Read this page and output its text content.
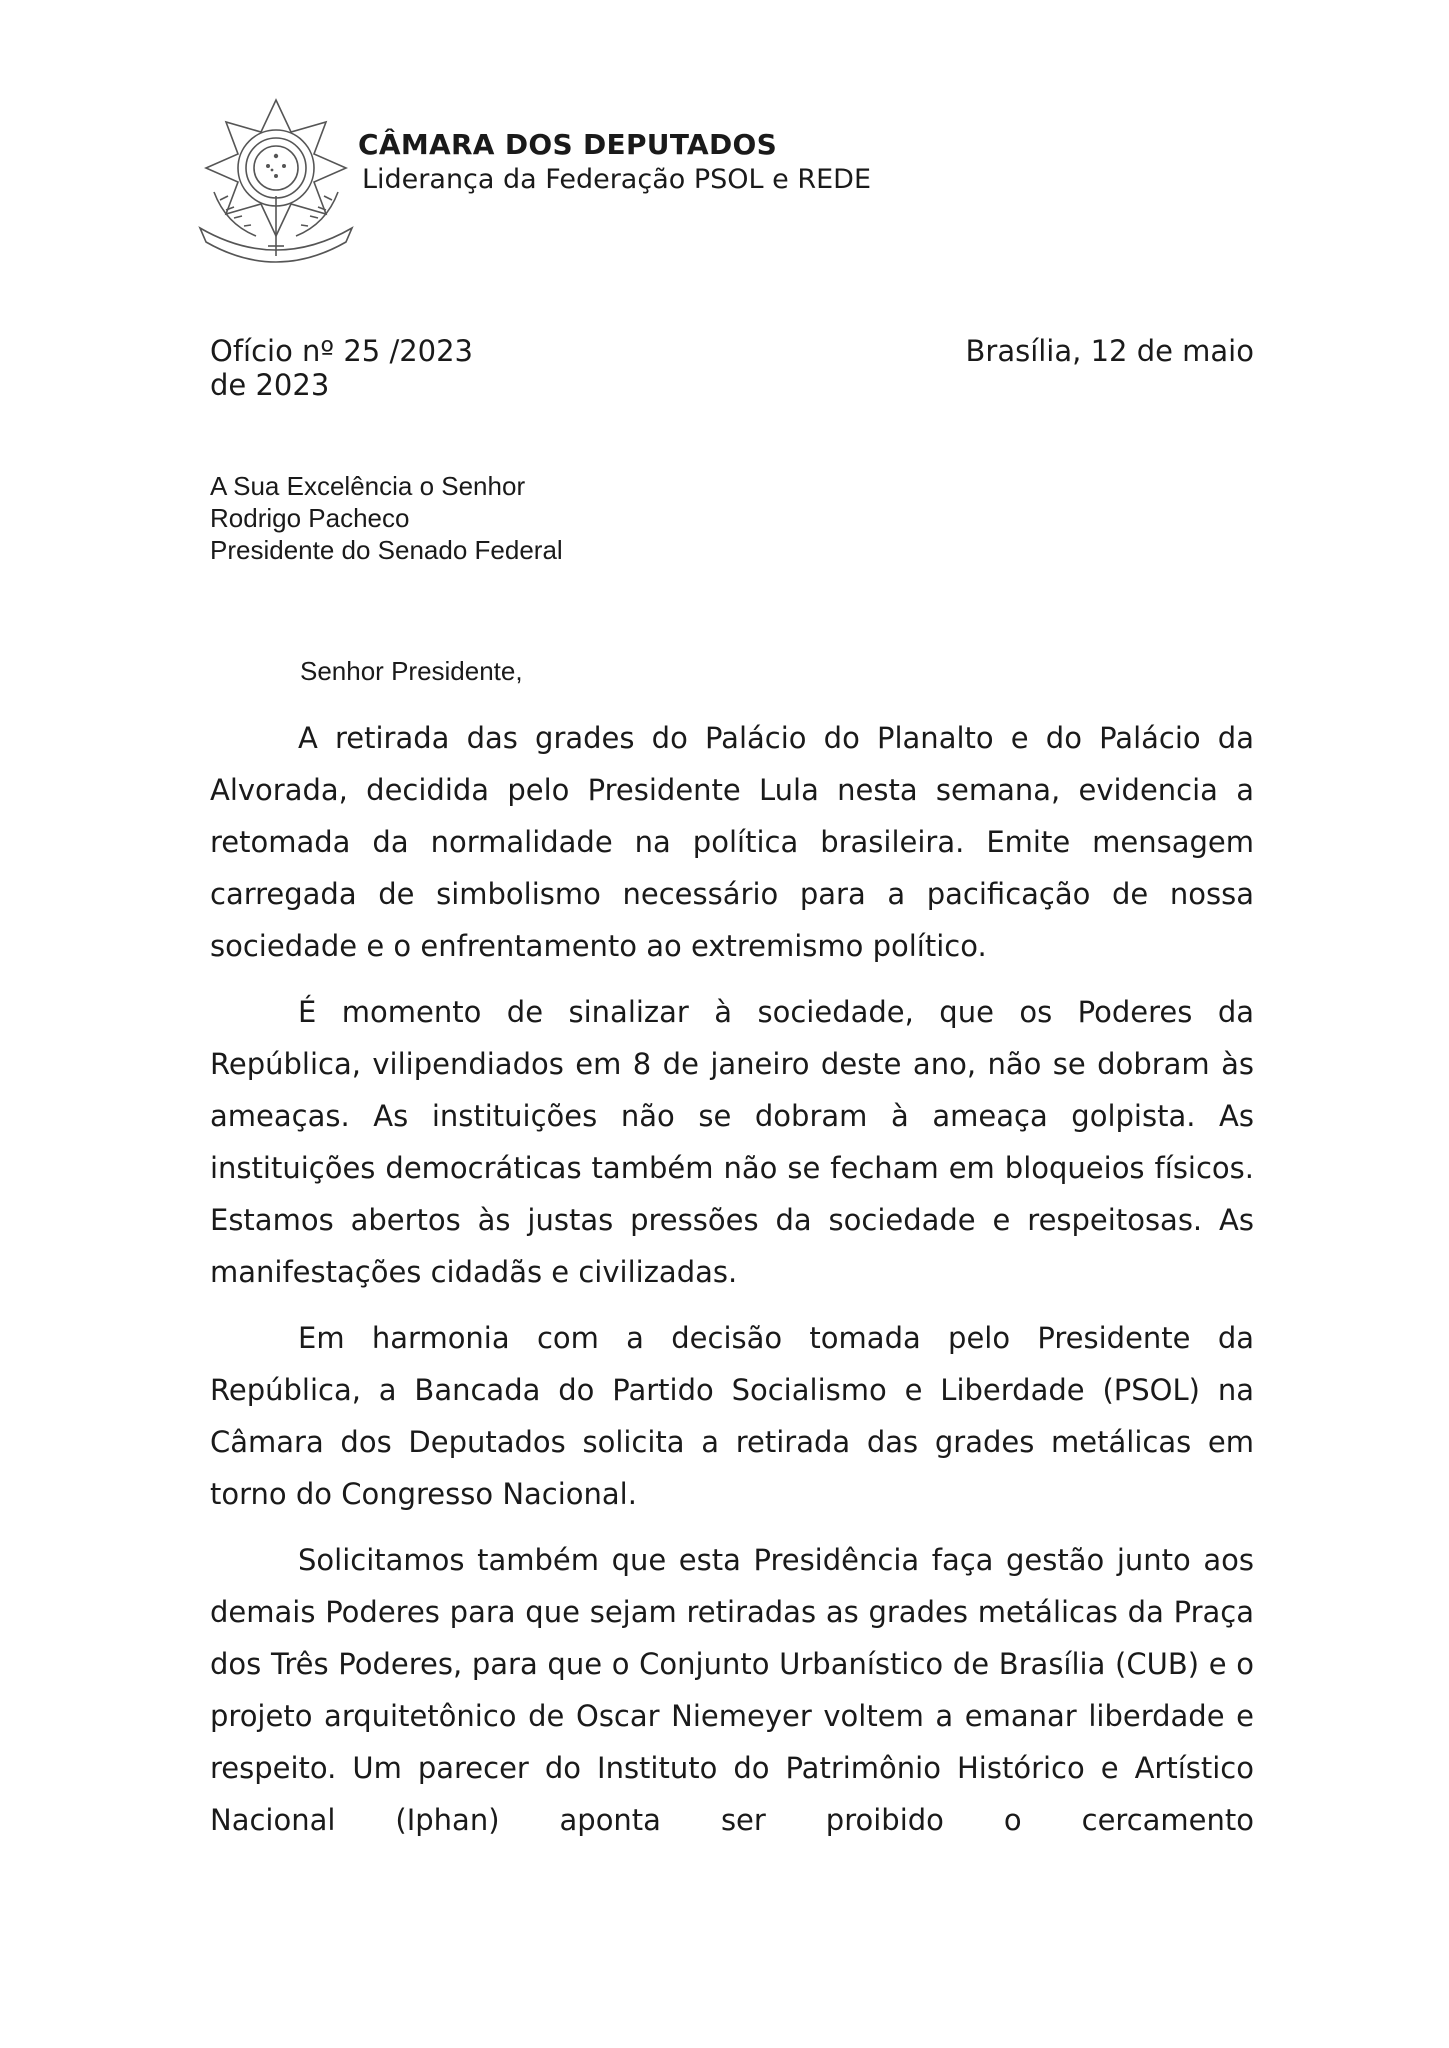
CÂMARA DOS DEPUTADOS
Liderança da Federação PSOL e REDE
Ofício nº 25 /2023	Brasília, 12 de maio
de 2023
A Sua Excelência o Senhor
Rodrigo Pacheco
Presidente do Senado Federal
Senhor Presidente,

A retirada das grades do Palácio do Planalto e do Palácio da Alvorada, decidida pelo Presidente Lula nesta semana, evidencia a retomada da normalidade na política brasileira. Emite mensagem carregada de simbolismo necessário para a pacificação de nossa sociedade e o enfrentamento ao extremismo político.

É momento de sinalizar à sociedade, que os Poderes da República, vilipendiados em 8 de janeiro deste ano, não se dobram às ameaças. As instituições não se dobram à ameaça golpista. As instituições democráticas também não se fecham em bloqueios físicos. Estamos abertos às justas pressões da sociedade e respeitosas. As manifestações cidadãs e civilizadas.

Em harmonia com a decisão tomada pelo Presidente da República, a Bancada do Partido Socialismo e Liberdade (PSOL) na Câmara dos Deputados solicita a retirada das grades metálicas em torno do Congresso Nacional.

Solicitamos também que esta Presidência faça gestão junto aos demais Poderes para que sejam retiradas as grades metálicas da Praça dos Três Poderes, para que o Conjunto Urbanístico de Brasília (CUB) e o projeto arquitetônico de Oscar Niemeyer voltem a emanar liberdade e respeito. Um parecer do Instituto do Patrimônio Histórico e Artístico Nacional (Iphan) aponta ser proibido o cercamento
